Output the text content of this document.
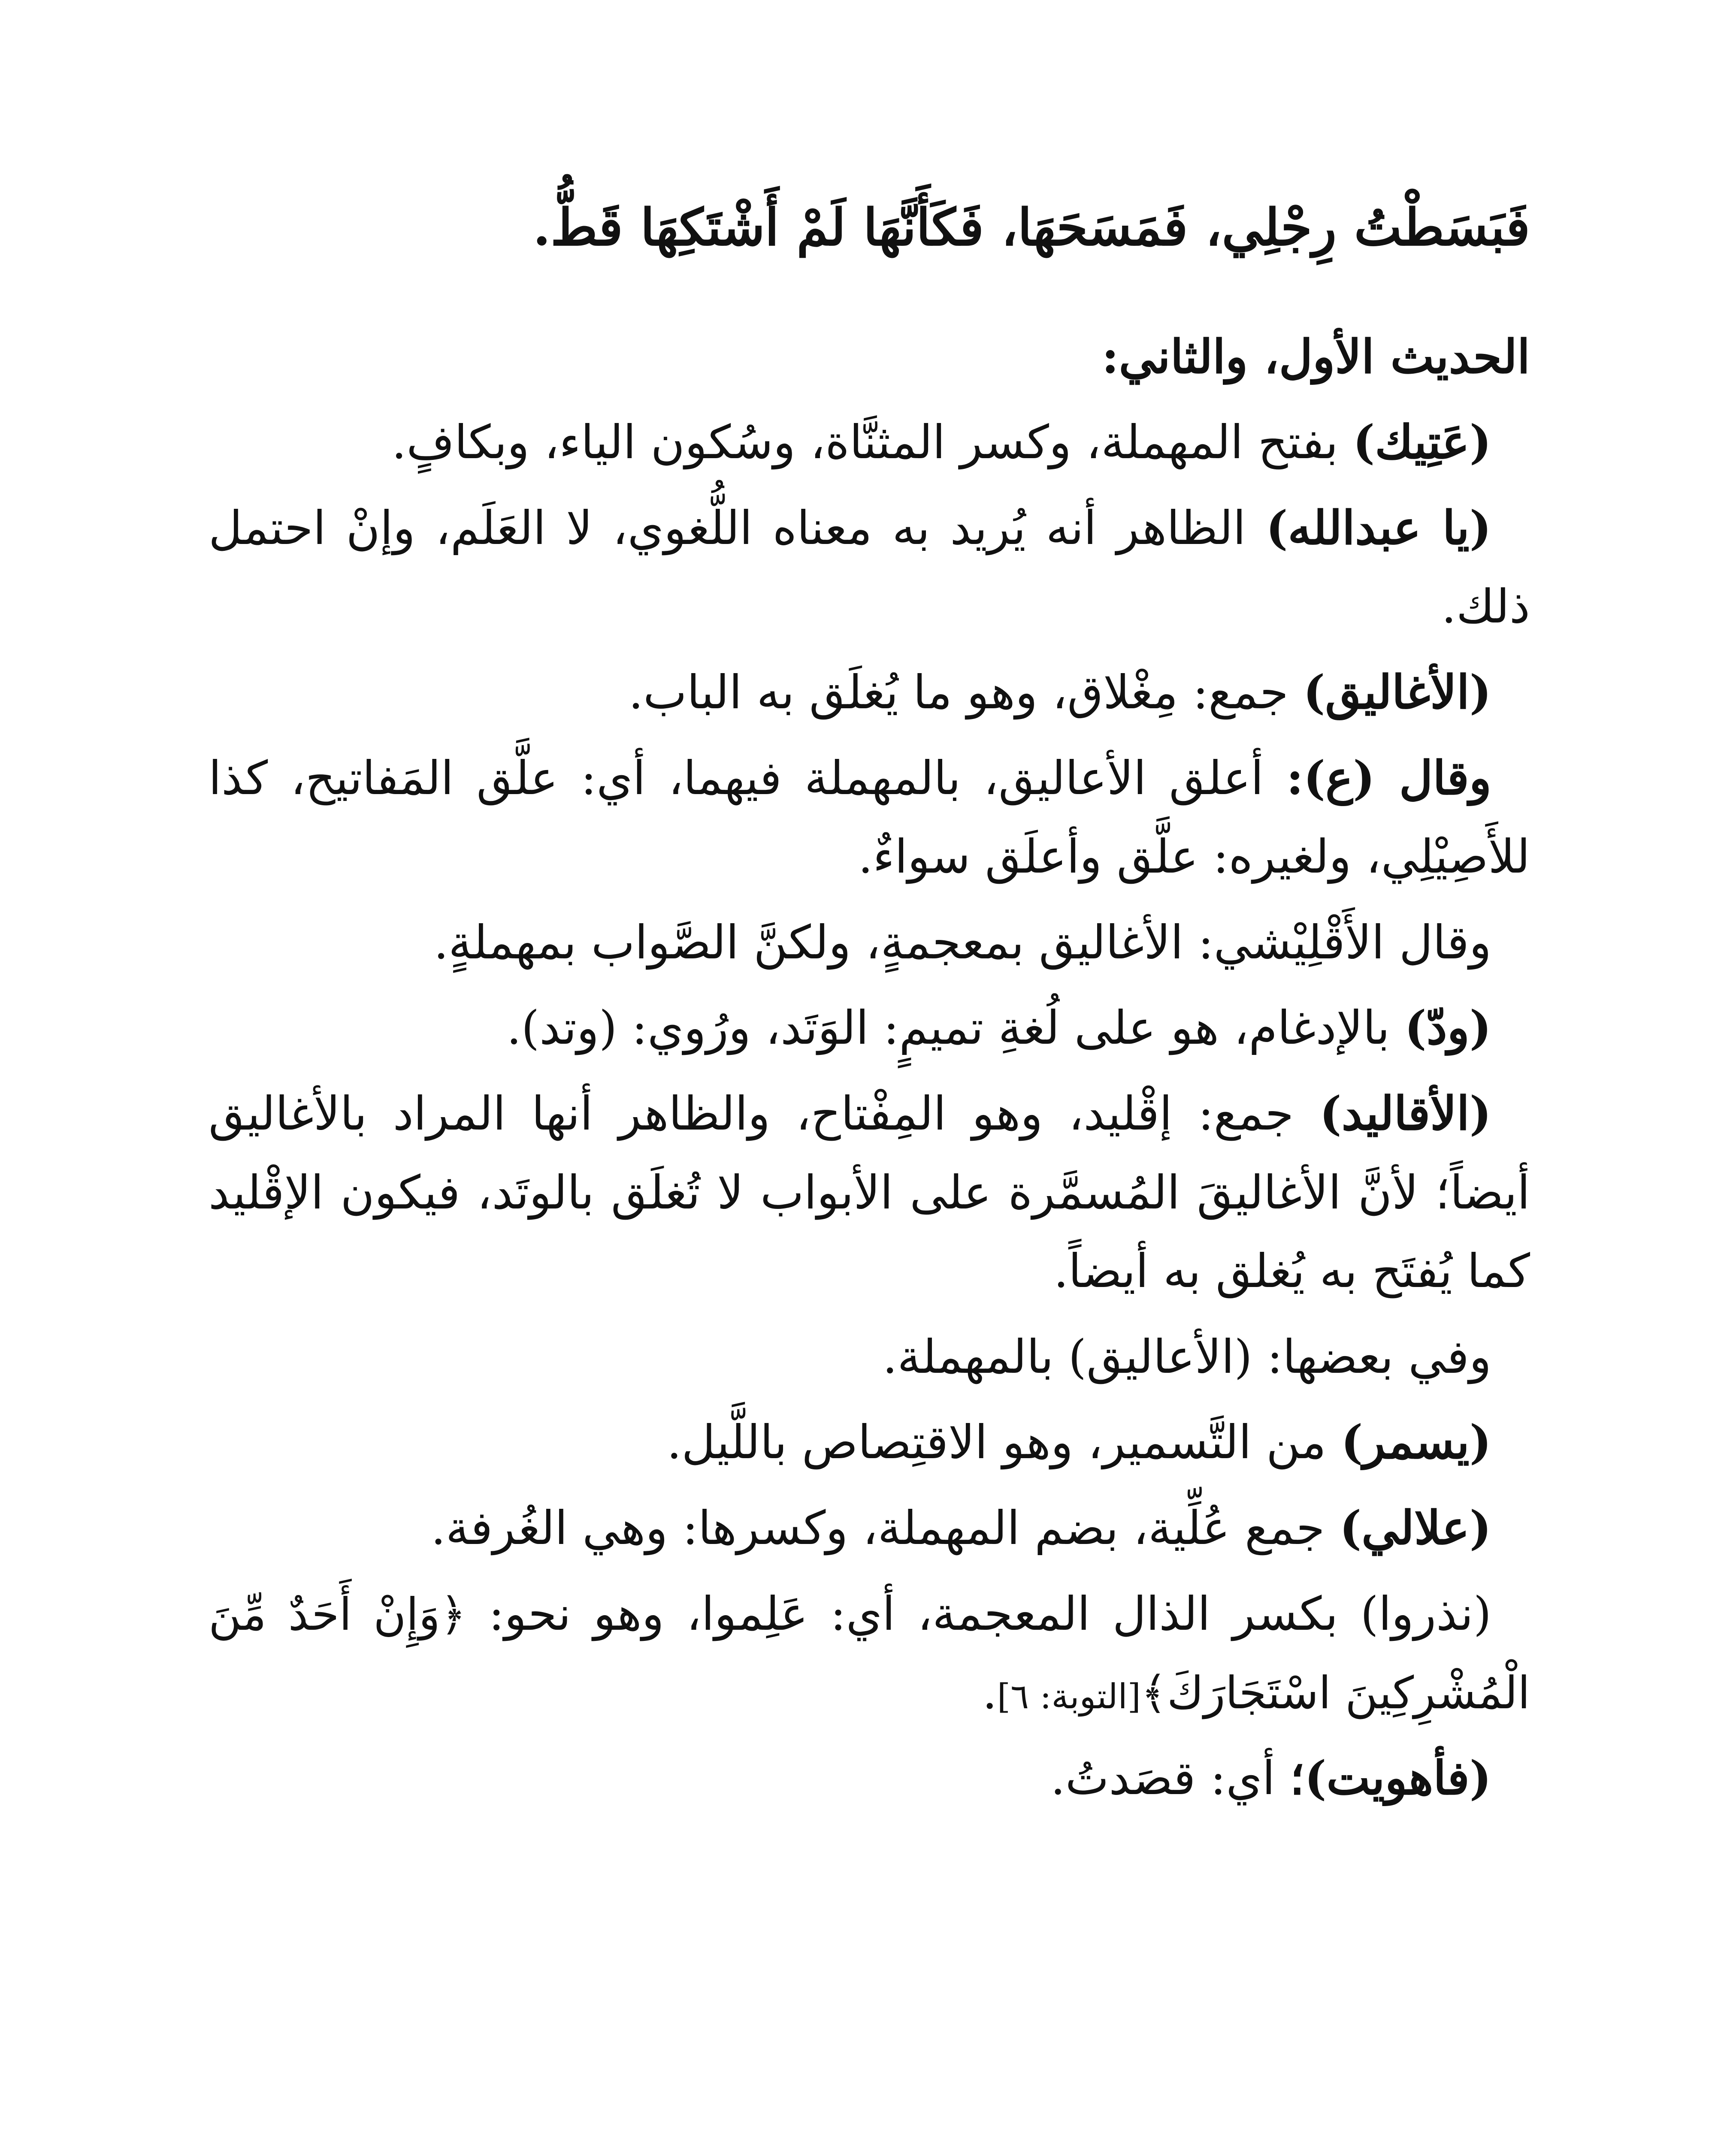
فَبَسَطْتُ رِجْلِي، فَمَسَحَهَا، فَكَأَنَّهَا لَمْ أَشْتَكِهَا قَطُّ.

الحديث الأول، والثاني:

(عَتِيك) بفتح المهملة، وكسر المثنَّاة، وسُكون الياء، وبكافٍ.

(يا عبدالله) الظاهر أنه يُريد به معناه اللُّغوي، لا العَلَم، وإنْ احتمل ذلك.

(الأغاليق) جمع: مِغْلاق، وهو ما يُغلَق به الباب.

وقال (ع): أعلق الأعاليق، بالمهملة فيهما، أي: علَّق المَفاتيح، كذا للأَصِيْلِي، ولغيره: علَّق وأعلَق سواءٌ.

وقال الأَقْلِيْشي: الأغاليق بمعجمةٍ، ولكنَّ الصَّواب بمهملةٍ.

(ودّ) بالإدغام، هو على لُغةِ تميمٍ: الوَتَد، ورُوي: (وتد).

(الأقاليد) جمع: إقْليد، وهو المِفْتاح، والظاهر أنها المراد بالأغاليق أيضاً؛ لأنَّ الأغاليقَ المُسمَّرة على الأبواب لا تُغلَق بالوتَد، فيكون الإقْليد كما يُفتَح به يُغلق به أيضاً.

وفي بعضها: (الأعاليق) بالمهملة.

(يسمر) من التَّسمير، وهو الاقتِصاص باللَّيل.

(علالي) جمع عُلِّية، بضم المهملة، وكسرها: وهي الغُرفة.

(نذروا) بكسر الذال المعجمة، أي: عَلِموا، وهو نحو: ﴿وَإِنْ أَحَدٌ مِّنَ الْمُشْرِكِينَ اسْتَجَارَكَ﴾[التوبة: ٦].

(فأهويت)؛ أي: قصَدتُ.
